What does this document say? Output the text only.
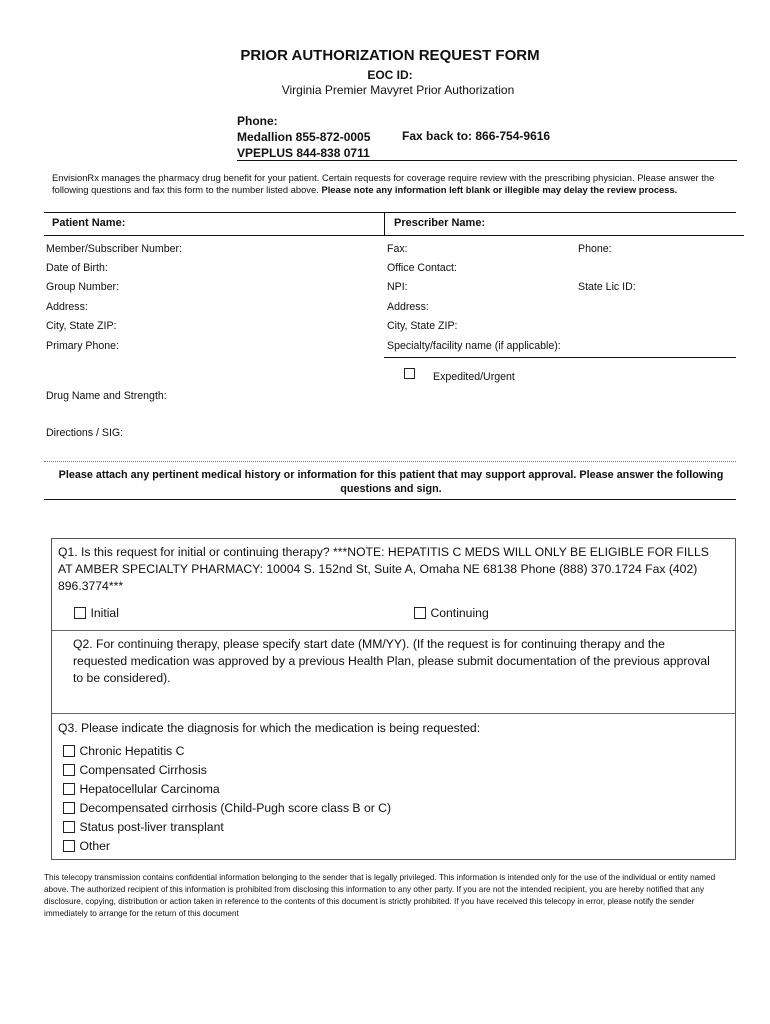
PRIOR AUTHORIZATION REQUEST FORM
EOC ID:
Virginia Premier Mavyret Prior Authorization
Phone:
Medallion 855-872-0005
VPEPLUS 844-838 0711
Fax back to: 866-754-9616
EnvisionRx manages the pharmacy drug benefit for your patient. Certain requests for coverage require review with the prescribing physician. Please answer the following questions and fax this form to the number listed above. Please note any information left blank or illegible may delay the review process.
Patient Name:	Prescriber Name:
Member/Subscriber Number:
Date of Birth:
Group Number:
Address:
City, State ZIP:
Primary Phone:
Fax:	Phone:
Office Contact:
NPI:	State Lic ID:
Address:
City, State ZIP:
Specialty/facility name (if applicable):
Expedited/Urgent
Drug Name and Strength:
Directions / SIG:
Please attach any pertinent medical history or information for this patient that may support approval. Please answer the following questions and sign.
Q1. Is this request for initial or continuing therapy? ***NOTE: HEPATITIS C MEDS WILL ONLY BE ELIGIBLE FOR FILLS AT AMBER SPECIALTY PHARMACY: 10004 S. 152nd St, Suite A, Omaha NE 68138 Phone (888) 370.1724 Fax (402) 896.3774***
Initial	Continuing
Q2. For continuing therapy, please specify start date (MM/YY). (If the request is for continuing therapy and the requested medication was approved by a previous Health Plan, please submit documentation of the previous approval to be considered).
Q3. Please indicate the diagnosis for which the medication is being requested:
Chronic Hepatitis C
Compensated Cirrhosis
Hepatocellular Carcinoma
Decompensated cirrhosis (Child-Pugh score class B or C)
Status post-liver transplant
Other
This telecopy transmission contains confidential information belonging to the sender that is legally privileged. This information is intended only for the use of the individual or entity named above. The authorized recipient of this information is prohibited from disclosing this information to any other party. If you are not the intended recipient, you are hereby notified that any disclosure, copying, distribution or action taken in reference to the contents of this document is strictly prohibited. If you have received this telecopy in error, please notify the sender immediately to arrange for the return of this document
